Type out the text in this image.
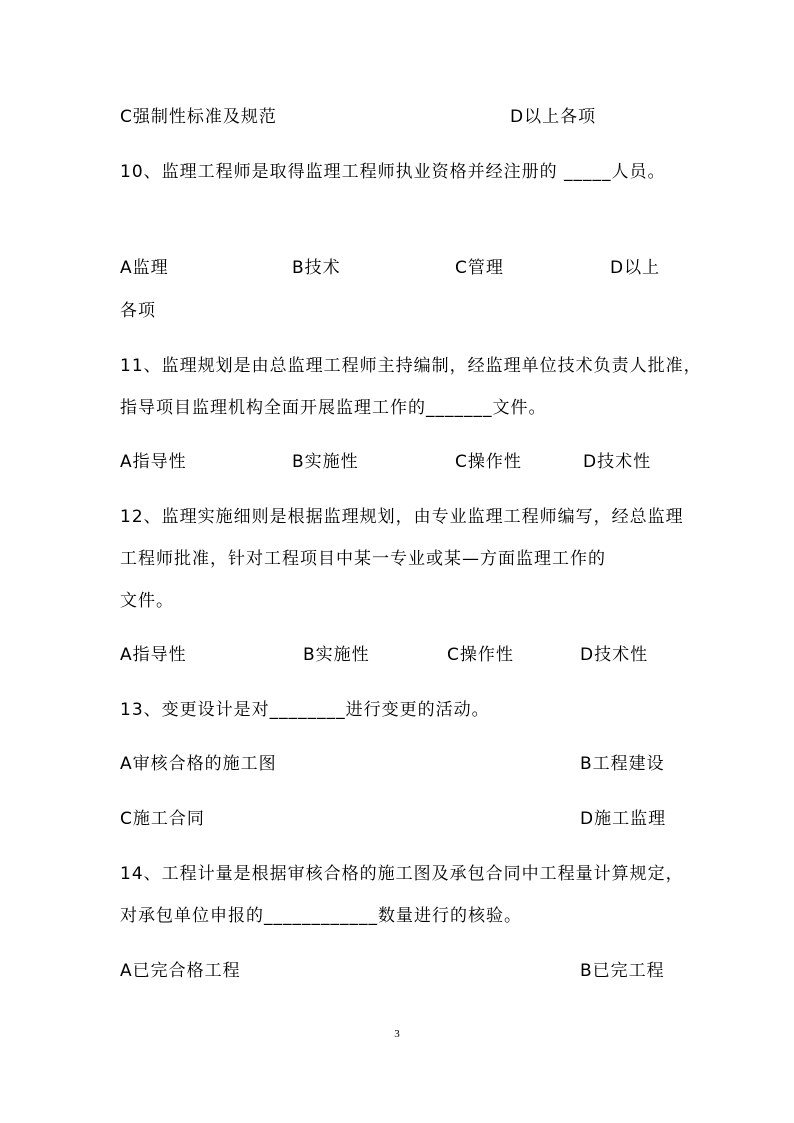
C强制性标准及规范	D以上各项
10、监理工程师是取得监理工程师执业资格并经注册的 _____人员。
A监理	B技术	C管理	D以上
各项
11、监理规划是由总监理工程师主持编制，经监理单位技术负责人批准，
指导项目监理机构全面开展监理工作的_______文件。
A指导性	B实施性	C操作性	D技术性
12、监理实施细则是根据监理规划，由专业监理工程师编写，经总监理
工程师批准，针对工程项目中某一专业或某—方面监理工作的
文件。
A指导性	B实施性	C操作性	D技术性
13、变更设计是对________进行变更的活动。
A审核合格的施工图	B工程建设
C施工合同	D施工监理
14、工程计量是根据审核合格的施工图及承包合同中工程量计算规定，
对承包单位申报的____________数量进行的核验。
A已完合格工程	B已完工程
3
